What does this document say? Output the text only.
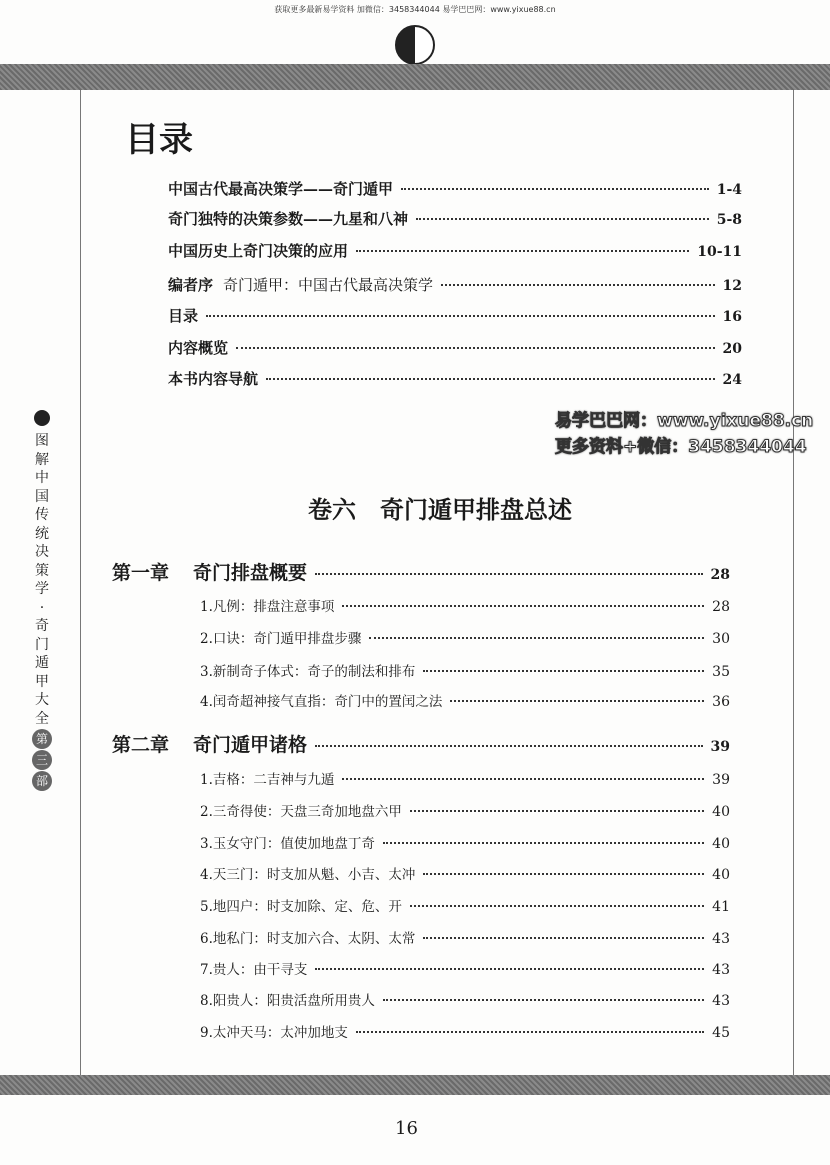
获取更多最新易学资料 加微信：3458344044 易学巴巴网：www.yixue88.cn
目录
卷六　奇门遁甲排盘总述
图
解
中
国
传
统
决
策
学
·
奇
门
遁
甲
大
全
第
三
部
易学巴巴网：www.yixue88.cn
更多资料+微信：3458344044
16
中国古代最高决策学——奇门遁甲	1-4
奇门独特的决策参数——九星和八神	5-8
中国历史上奇门决策的应用	10-11
编者序 奇门遁甲：中国古代最高决策学	12
目录	16
内容概览	20
本书内容导航	24
第一章 奇门排盘概要	28
1.凡例：排盘注意事项	28
2.口诀：奇门遁甲排盘步骤	30
3.新制奇子体式：奇子的制法和排布	35
4.闰奇超神接气直指：奇门中的置闰之法	36
第二章 奇门遁甲诸格	39
1.吉格：二吉神与九遁	39
2.三奇得使：天盘三奇加地盘六甲	40
3.玉女守门：值使加地盘丁奇	40
4.天三门：时支加从魁、小吉、太冲	40
5.地四户：时支加除、定、危、开	41
6.地私门：时支加六合、太阴、太常	43
7.贵人：由干寻支	43
8.阳贵人：阳贵活盘所用贵人	43
9.太冲天马：太冲加地支	45
